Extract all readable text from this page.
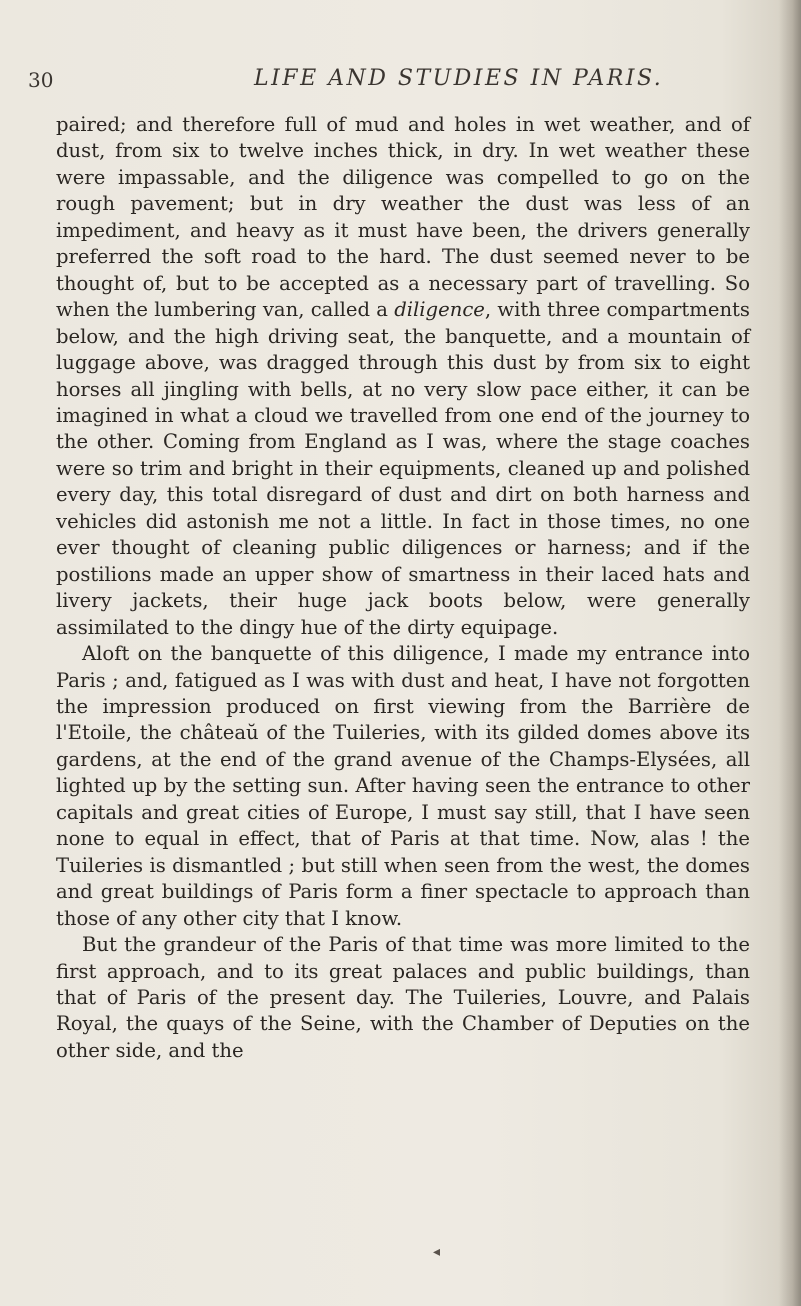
30	LIFE AND STUDIES IN PARIS.

paired; and therefore full of mud and holes in wet weather, and of dust, from six to twelve inches thick, in dry. In wet weather these were impassable, and the diligence was compelled to go on the rough pavement; but in dry weather the dust was less of an impediment, and heavy as it must have been, the drivers generally preferred the soft road to the hard. The dust seemed never to be thought of, but to be accepted as a necessary part of travelling. So when the lumbering van, called a diligence, with three compartments below, and the high driving seat, the banquette, and a mountain of luggage above, was dragged through this dust by from six to eight horses all jingling with bells, at no very slow pace either, it can be imagined in what a cloud we travelled from one end of the journey to the other. Coming from England as I was, where the stage coaches were so trim and bright in their equipments, cleaned up and polished every day, this total disregard of dust and dirt on both harness and vehicles did astonish me not a little. In fact in those times, no one ever thought of cleaning public diligences or harness; and if the postilions made an upper show of smartness in their laced hats and livery jackets, their huge jack boots below, were generally assimilated to the dingy hue of the dirty equipage.

Aloft on the banquette of this diligence, I made my entrance into Paris ; and, fatigued as I was with dust and heat, I have not forgotten the impression produced on first viewing from the Barrière de l'Etoile, the châteaŭ of the Tuileries, with its gilded domes above its gardens, at the end of the grand avenue of the Champs-Elysées, all lighted up by the setting sun. After having seen the entrance to other capitals and great cities of Europe, I must say still, that I have seen none to equal in effect, that of Paris at that time. Now, alas ! the Tuileries is dismantled ; but still when seen from the west, the domes and great buildings of Paris form a finer spectacle to approach than those of any other city that I know.

But the grandeur of the Paris of that time was more limited to the first approach, and to its great palaces and public buildings, than that of Paris of the present day. The Tuileries, Louvre, and Palais Royal, the quays of the Seine, with the Chamber of Deputies on the other side, and the

◂
